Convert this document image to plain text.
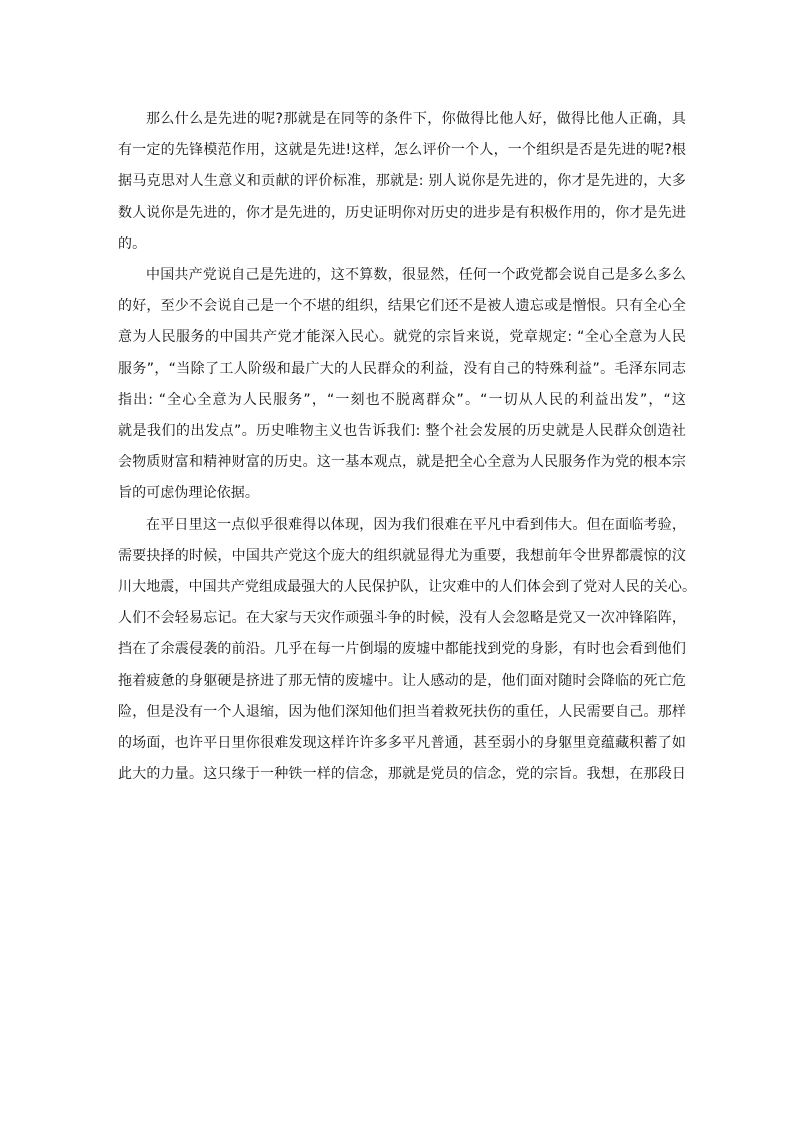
那么什么是先进的呢?那就是在同等的条件下，你做得比他人好，做得比他人正确，具
有一定的先锋模范作用，这就是先进!这样，怎么评价一个人，一个组织是否是先进的呢?根
据马克思对人生意义和贡献的评价标准，那就是: 别人说你是先进的，你才是先进的，大多
数人说你是先进的，你才是先进的，历史证明你对历史的进步是有积极作用的，你才是先进
的。

中国共产党说自己是先进的，这不算数，很显然，任何一个政党都会说自己是多么多么
的好，至少不会说自己是一个不堪的组织，结果它们还不是被人遗忘或是憎恨。只有全心全
意为人民服务的中国共产党才能深入民心。就党的宗旨来说，党章规定: “全心全意为人民
服务”，“当除了工人阶级和最广大的人民群众的利益，没有自己的特殊利益”。毛泽东同志
指出: “全心全意为人民服务”，“一刻也不脱离群众”。“一切从人民的利益出发”，“这
就是我们的出发点”。历史唯物主义也告诉我们: 整个社会发展的历史就是人民群众创造社
会物质财富和精神财富的历史。这一基本观点，就是把全心全意为人民服务作为党的根本宗
旨的可虑伪理论依据。

在平日里这一点似乎很难得以体现，因为我们很难在平凡中看到伟大。但在面临考验，
需要抉择的时候，中国共产党这个庞大的组织就显得尤为重要，我想前年令世界都震惊的汶
川大地震，中国共产党组成最强大的人民保护队，让灾难中的人们体会到了党对人民的关心。
人们不会轻易忘记。在大家与天灾作顽强斗争的时候，没有人会忽略是党又一次冲锋陷阵，
挡在了余震侵袭的前沿。几乎在每一片倒塌的废墟中都能找到党的身影，有时也会看到他们
拖着疲惫的身躯硬是挤进了那无情的废墟中。让人感动的是，他们面对随时会降临的死亡危
险，但是没有一个人退缩，因为他们深知他们担当着救死扶伤的重任，人民需要自己。那样
的场面，也许平日里你很难发现这样许许多多平凡普通，甚至弱小的身躯里竟蕴藏积蓄了如
此大的力量。这只缘于一种铁一样的信念，那就是党员的信念，党的宗旨。我想，在那段日
